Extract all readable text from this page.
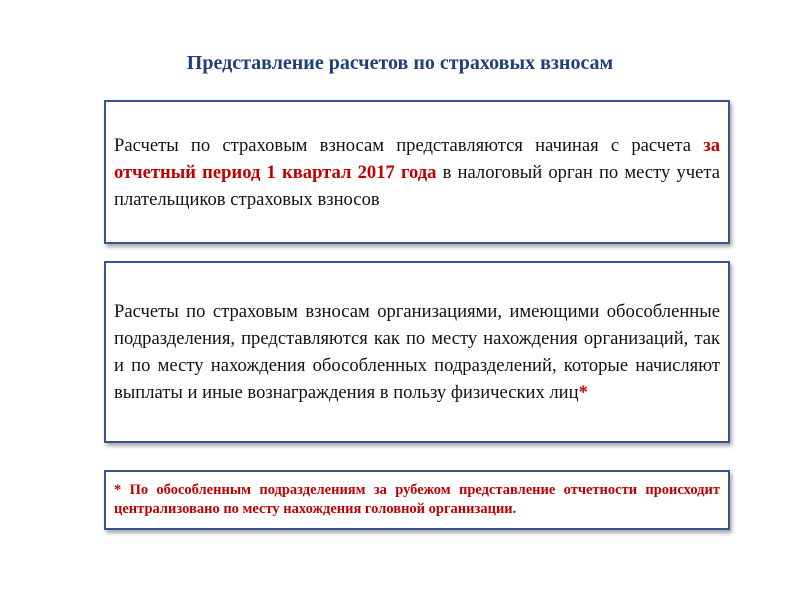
Представление расчетов по страховых взносам

Расчеты по страховым взносам представляются начиная с расчета за отчетный период 1 квартал 2017 года в налоговый орган по месту учета плательщиков страховых взносов

Расчеты по страховым взносам организациями, имеющими обособленные подразделения, представляются как по месту нахождения организаций, так и по месту нахождения обособленных подразделений, которые начисляют выплаты и иные вознаграждения в пользу физических лиц*

* По обособленным подразделениям за рубежом представление отчетности происходит централизовано по месту нахождения головной организации.
